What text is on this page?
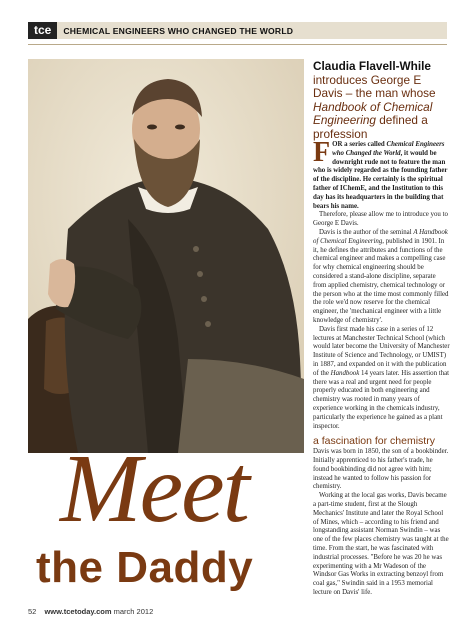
tce	CHEMICAL ENGINEERS WHO CHANGED THE WORLD
Meet
the Daddy
Claudia Flavell-While
introduces George E Davis – the man whose Handbook of Chemical Engineering defined a profession

FOR a series called Chemical Engineers who Changed the World, it would be downright rude not to feature the man who is widely regarded as the founding father of the discipline. He certainly is the spiritual father of IChemE, and the Institution to this day has its headquarters in the building that bears his name.

Therefore, please allow me to introduce you to George E Davis.

Davis is the author of the seminal A Handbook of Chemical Engineering, published in 1901. In it, he defines the attributes and functions of the chemical engineer and makes a compelling case for why chemical engineering should be considered a stand-alone discipline, separate from applied chemistry, chemical technology or the person who at the time most commonly filled the role we'd now reserve for the chemical engineer, the 'mechanical engineer with a little knowledge of chemistry'.

Davis first made his case in a series of 12 lectures at Manchester Technical School (which would later become the University of Manchester Institute of Science and Technology, or UMIST) in 1887, and expanded on it with the publication of the Handbook 14 years later. His assertion that there was a real and urgent need for people properly educated in both engineering and chemistry was rooted in many years of experience working in the chemicals industry, particularly the experience he gained as a plant inspector.

a fascination for chemistry

Davis was born in 1850, the son of a bookbinder. Initially apprenticed to his father's trade, he found bookbinding did not agree with him; instead he wanted to follow his passion for chemistry.

Working at the local gas works, Davis became a part-time student, first at the Slough Mechanics' Institute and later the Royal School of Mines, which – according to his friend and longstanding assistant Norman Swindin – was one of the few places chemistry was taught at the time. From the start, he was fascinated with industrial processes. "Before he was 20 he was experimenting with a Mr Wadeson of the Windsor Gas Works in extracting benzoyl from coal gas," Swindin said in a 1953 memorial lecture on Davis' life.

52 www.tcetoday.com march 2012
